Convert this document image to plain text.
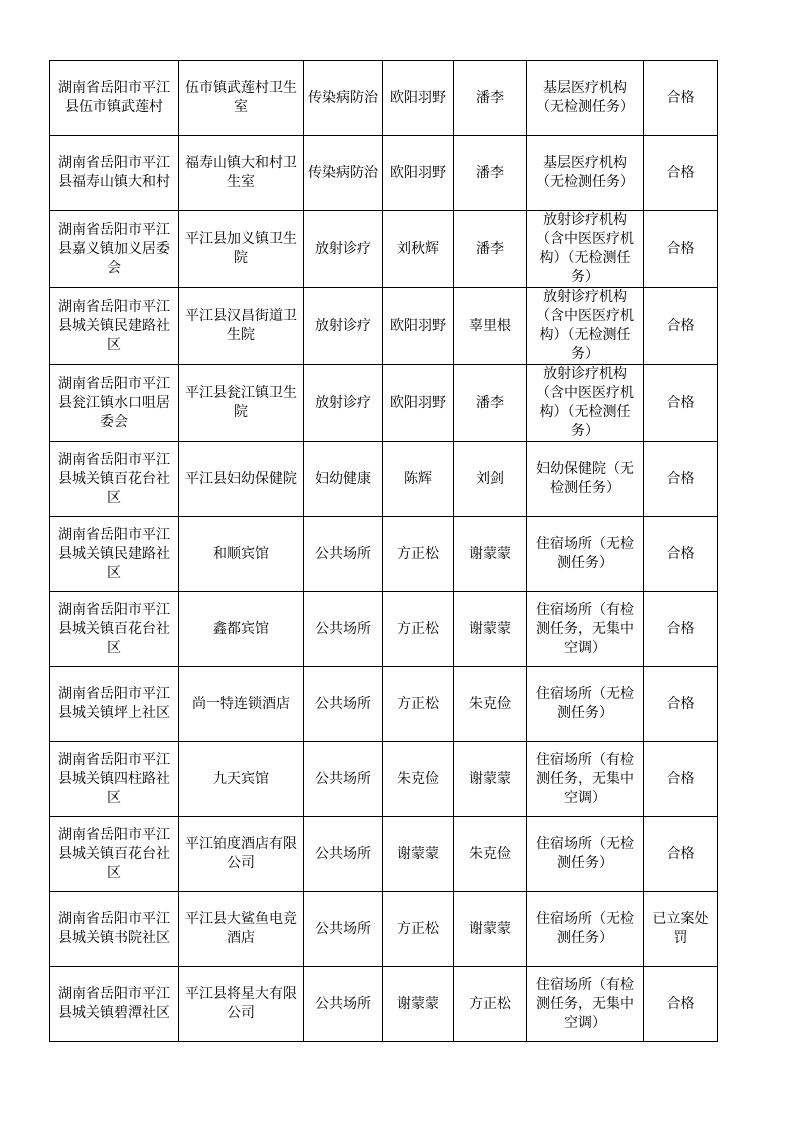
湖南省岳阳市平江县伍市镇武莲村	伍市镇武莲村卫生室	传染病防治	欧阳羽野	潘李	基层医疗机构（无检测任务）	合格
湖南省岳阳市平江县福寿山镇大和村	福寿山镇大和村卫生室	传染病防治	欧阳羽野	潘李	基层医疗机构（无检测任务）	合格
湖南省岳阳市平江县嘉义镇加义居委会	平江县加义镇卫生院	放射诊疗	刘秋辉	潘李	放射诊疗机构（含中医医疗机构）（无检测任务）	合格
湖南省岳阳市平江县城关镇民建路社区	平江县汉昌街道卫生院	放射诊疗	欧阳羽野	辜里根	放射诊疗机构（含中医医疗机构）（无检测任务）	合格
湖南省岳阳市平江县瓮江镇水口咀居委会	平江县瓮江镇卫生院	放射诊疗	欧阳羽野	潘李	放射诊疗机构（含中医医疗机构）（无检测任务）	合格
湖南省岳阳市平江县城关镇百花台社区	平江县妇幼保健院	妇幼健康	陈辉	刘剑	妇幼保健院（无检测任务）	合格
湖南省岳阳市平江县城关镇民建路社区	和顺宾馆	公共场所	方正松	谢蒙蒙	住宿场所（无检测任务）	合格
湖南省岳阳市平江县城关镇百花台社区	鑫都宾馆	公共场所	方正松	谢蒙蒙	住宿场所（有检测任务，无集中空调）	合格
湖南省岳阳市平江县城关镇坪上社区	尚一特连锁酒店	公共场所	方正松	朱克俭	住宿场所（无检测任务）	合格
湖南省岳阳市平江县城关镇四柱路社区	九天宾馆	公共场所	朱克俭	谢蒙蒙	住宿场所（有检测任务，无集中空调）	合格
湖南省岳阳市平江县城关镇百花台社区	平江铂度酒店有限公司	公共场所	谢蒙蒙	朱克俭	住宿场所（无检测任务）	合格
湖南省岳阳市平江县城关镇书院社区	平江县大鲨鱼电竞酒店	公共场所	方正松	谢蒙蒙	住宿场所（无检测任务）	已立案处罚
湖南省岳阳市平江县城关镇碧潭社区	平江县将星大有限公司	公共场所	谢蒙蒙	方正松	住宿场所（有检测任务，无集中空调）	合格
